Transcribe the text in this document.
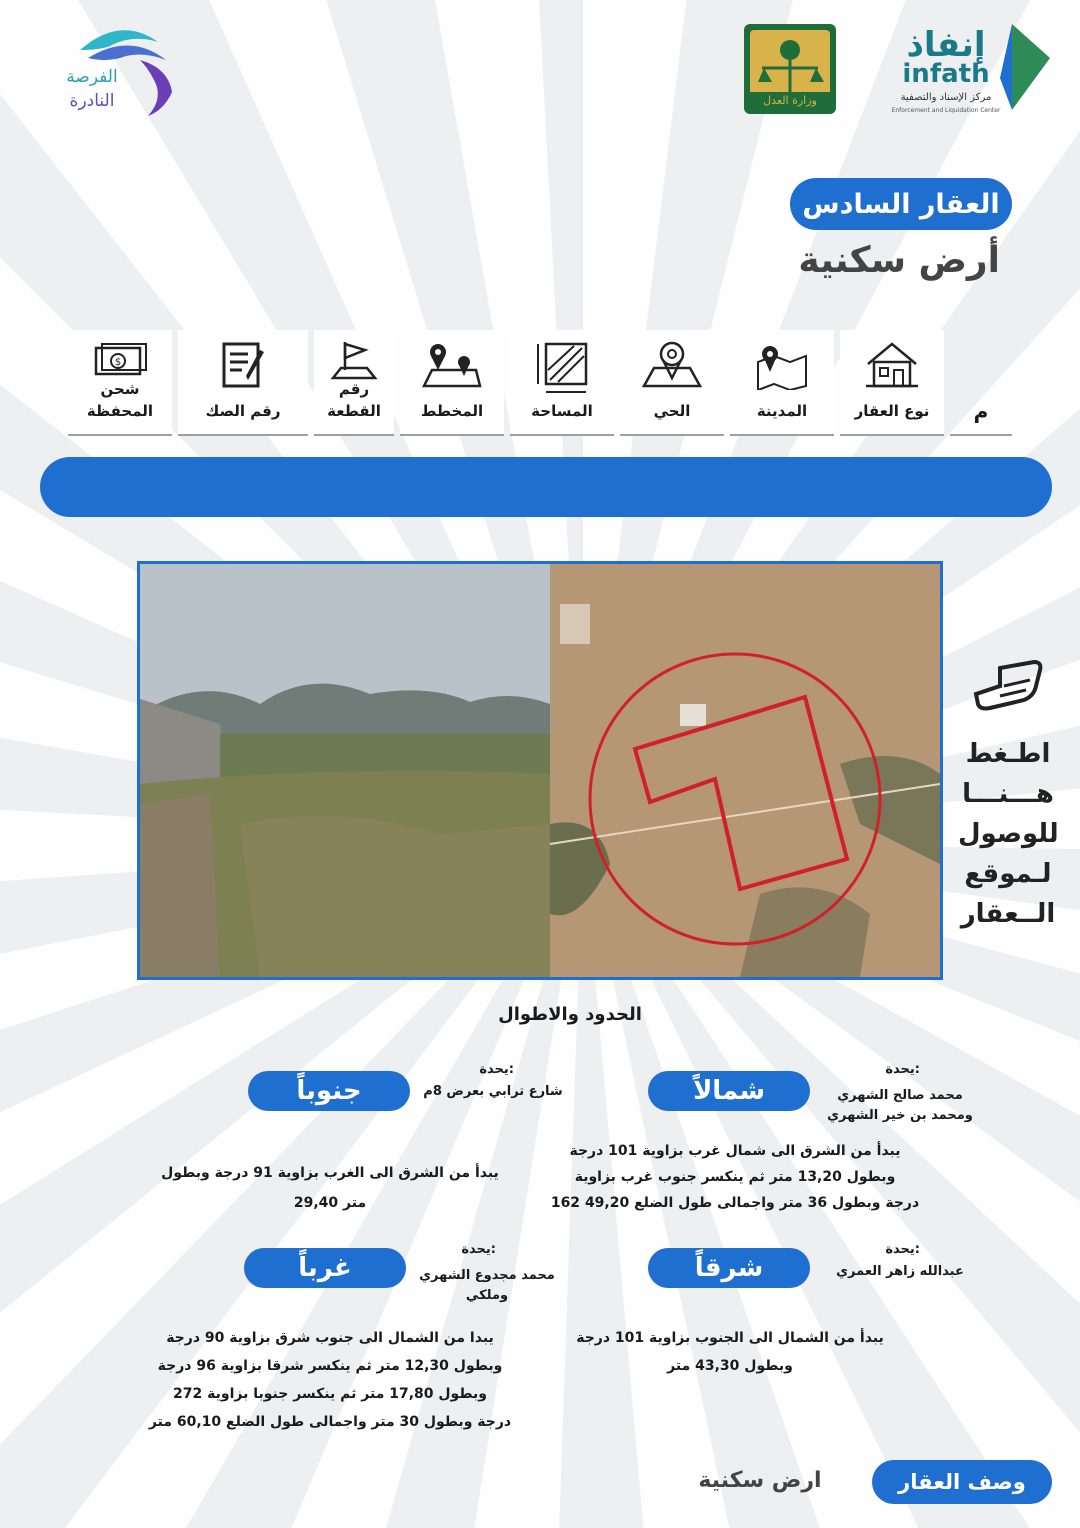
الفرصة
النادرة	وزارة العدل
إنفاذ
infath
مركز الإسناد والتصفية
Enforcement and Liquidation Center
العقار السادس
أرض سكنية
م
نوع العقار
المدينة
الحي
المساحة
المخطط
رقم القطعة
رقم الصك
$
شحن المحفظة
اطـغط
هـــنـــا
للوصول
لـموقع
الــعقار
الحدود والاطوال
شمالاً
يحدة:
محمد صالح الشهري
ومحمد بن خير الشهري
يبدأ من الشرق الى شمال غرب بزاوية 101 درجة
وبطول 13,20 متر ثم ينكسر جنوب غرب بزاوية
درجة وبطول 36 متر واجمالى طول الضلع 49,20 162
جنوباً
يحدة:
شارع ترابي بعرض 8م
يبدأ من الشرق الى الغرب بزاوية 91 درجة وبطول
متر 29,40
شرقاً
يحدة:
عبدالله زاهر العمري
يبدأ من الشمال الى الجنوب بزاوية 101 درجة
وبطول 43,30 متر
غرباً
يحدة:
محمد مجدوع الشهري
وملكي
يبدا من الشمال الى جنوب شرق بزاوية 90 درجة
وبطول 12,30 متر ثم ينكسر شرقا بزاوية 96 درجة
وبطول 17,80 متر ثم ينكسر جنوبا بزاوية 272
درجة وبطول 30 متر واجمالى طول الضلع 60,10 متر
وصف العقار
ارض سكنية
